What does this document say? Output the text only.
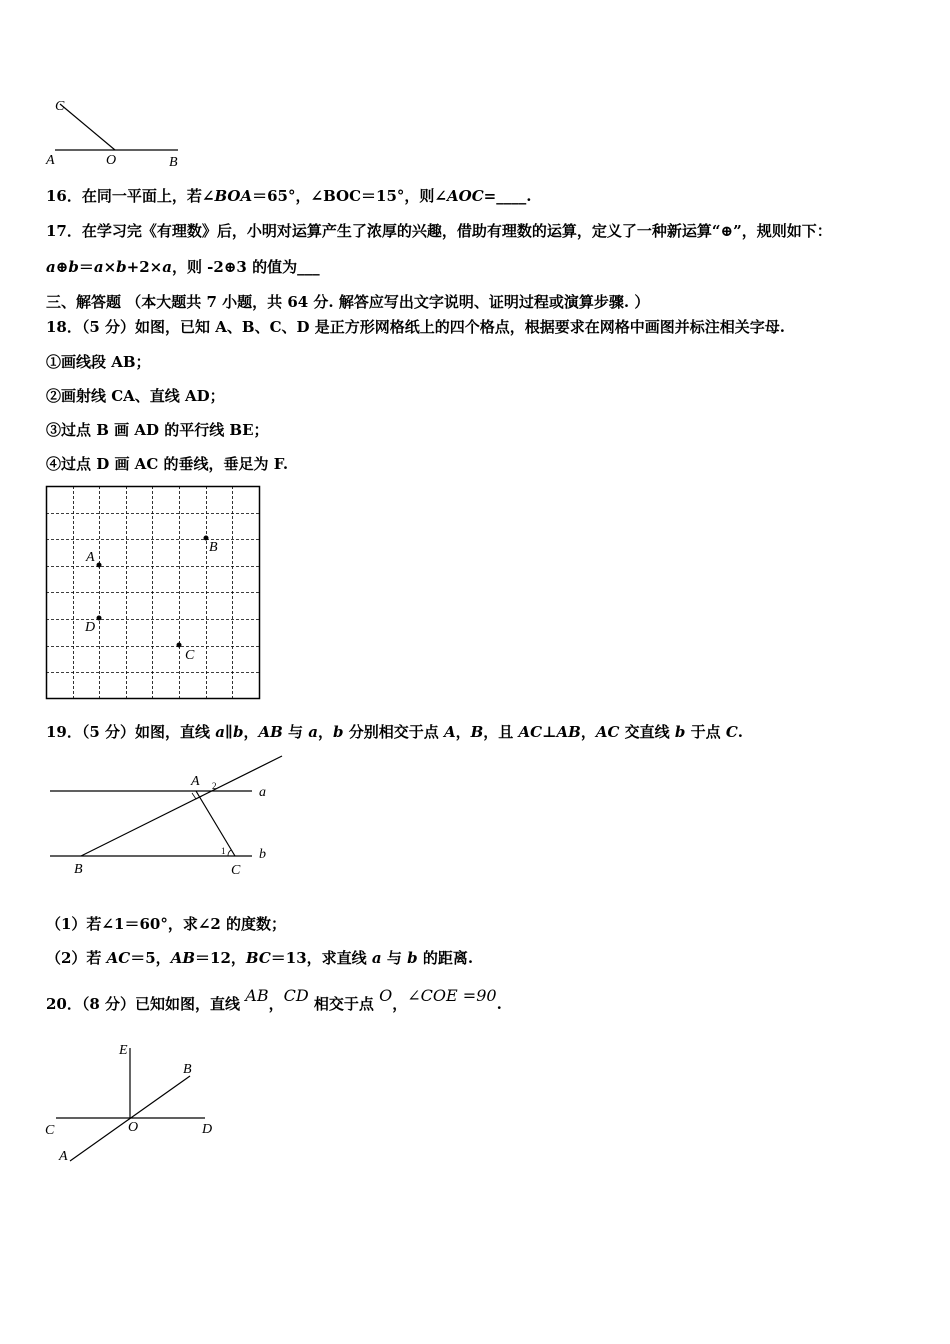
C
A	O	B
16．在同一平面上，若∠BOA＝65°，∠BOC＝15°，则∠AOC=____.
17．在学习完《有理数》后，小明对运算产生了浓厚的兴趣，借助有理数的运算，定义了一种新运算“⊕”，规则如下：
a⊕b＝a×b+2×a，则 -2⊕3 的值为___
三、解答题 （本大题共 7 小题，共 64 分. 解答应写出文字说明、证明过程或演算步骤. ）
18．（5 分）如图，已知 A、B、C、D 是正方形网格纸上的四个格点，根据要求在网格中画图并标注相关字母.
①画线段 AB；
②画射线 CA、直线 AD；
③过点 B 画 AD 的平行线 BE；
④过点 D 画 AC 的垂线，垂足为 F.
A
B
D
C
19．（5 分）如图，直线 a∥b，AB 与 a，b 分别相交于点 A，B，且 AC⊥AB，AC 交直线 b 于点 C.
A 2	a
1 b
B	C
（1）若∠1＝60°，求∠2 的度数；
（2）若 AC＝5，AB＝12，BC＝13，求直线 a 与 b 的距离.
20．（8 分）已知如图，直线 AB，CD 相交于点 O，∠COE =90.
E
B
C	O	D
A
